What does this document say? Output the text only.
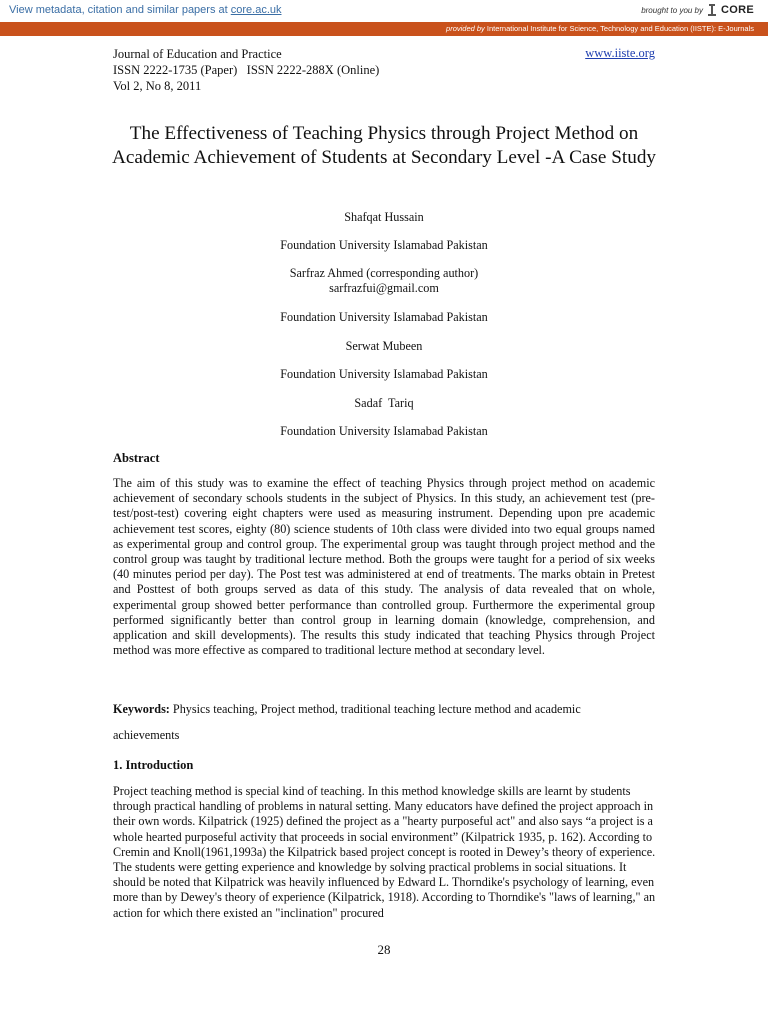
View metadata, citation and similar papers at core.ac.uk	brought to you by CORE
provided by International Institute for Science, Technology and Education (IISTE): E-Journals
Journal of Education and Practice
ISSN 2222-1735 (Paper)   ISSN 2222-288X (Online)
Vol 2, No 8, 2011
www.iiste.org
The Effectiveness of Teaching Physics through Project Method on Academic Achievement of Students at Secondary Level -A Case Study
Shafqat Hussain
Foundation University Islamabad Pakistan
Sarfraz Ahmed (corresponding author)
sarfrazfui@gmail.com
Foundation University Islamabad Pakistan
Serwat Mubeen
Foundation University Islamabad Pakistan
Sadaf  Tariq
Foundation University Islamabad Pakistan
Abstract

The aim of this study was to examine the effect of teaching Physics through project method on academic achievement of secondary schools students in the subject of Physics. In this study, an achievement test (pre-test/post-test) covering eight chapters were used as measuring instrument. Depending upon pre academic achievement test scores, eighty (80) science students of 10th class were divided into two equal groups named as experimental group and control group. The experimental group was taught through project method and the control group was taught by traditional lecture method. Both the groups were taught for a period of six weeks (40 minutes period per day). The Post test was administered at end of treatments. The marks obtain in Pretest and Posttest of both groups served as data of this study. The analysis of data revealed that on whole, experimental group showed better performance than controlled group. Furthermore the experimental group performed significantly better than control group in learning domain (knowledge, comprehension, and application and skill developments). The results this study indicated that teaching Physics through Project method was more effective as compared to traditional lecture method at secondary level.

Keywords: Physics teaching, Project method, traditional teaching lecture method and academic

achievements
1. Introduction

Project teaching method is special kind of teaching. In this method knowledge skills are learnt by students through practical handling of problems in natural setting. Many educators have defined the project approach in their own words. Kilpatrick (1925) defined the project as a "hearty purposeful act" and also says “a project is a whole hearted purposeful activity that proceeds in social environment” (Kilpatrick 1935, p. 162). According to Cremin and Knoll(1961,1993a) the Kilpatrick based project concept is rooted in Dewey’s theory of experience. The students were getting experience and knowledge by solving practical problems in social situations. It should be noted that Kilpatrick was heavily influenced by Edward L. Thorndike's psychology of learning, even more than by Dewey's theory of experience (Kilpatrick, 1918). According to Thorndike's "laws of learning," an action for which there existed an "inclination" procured

28
